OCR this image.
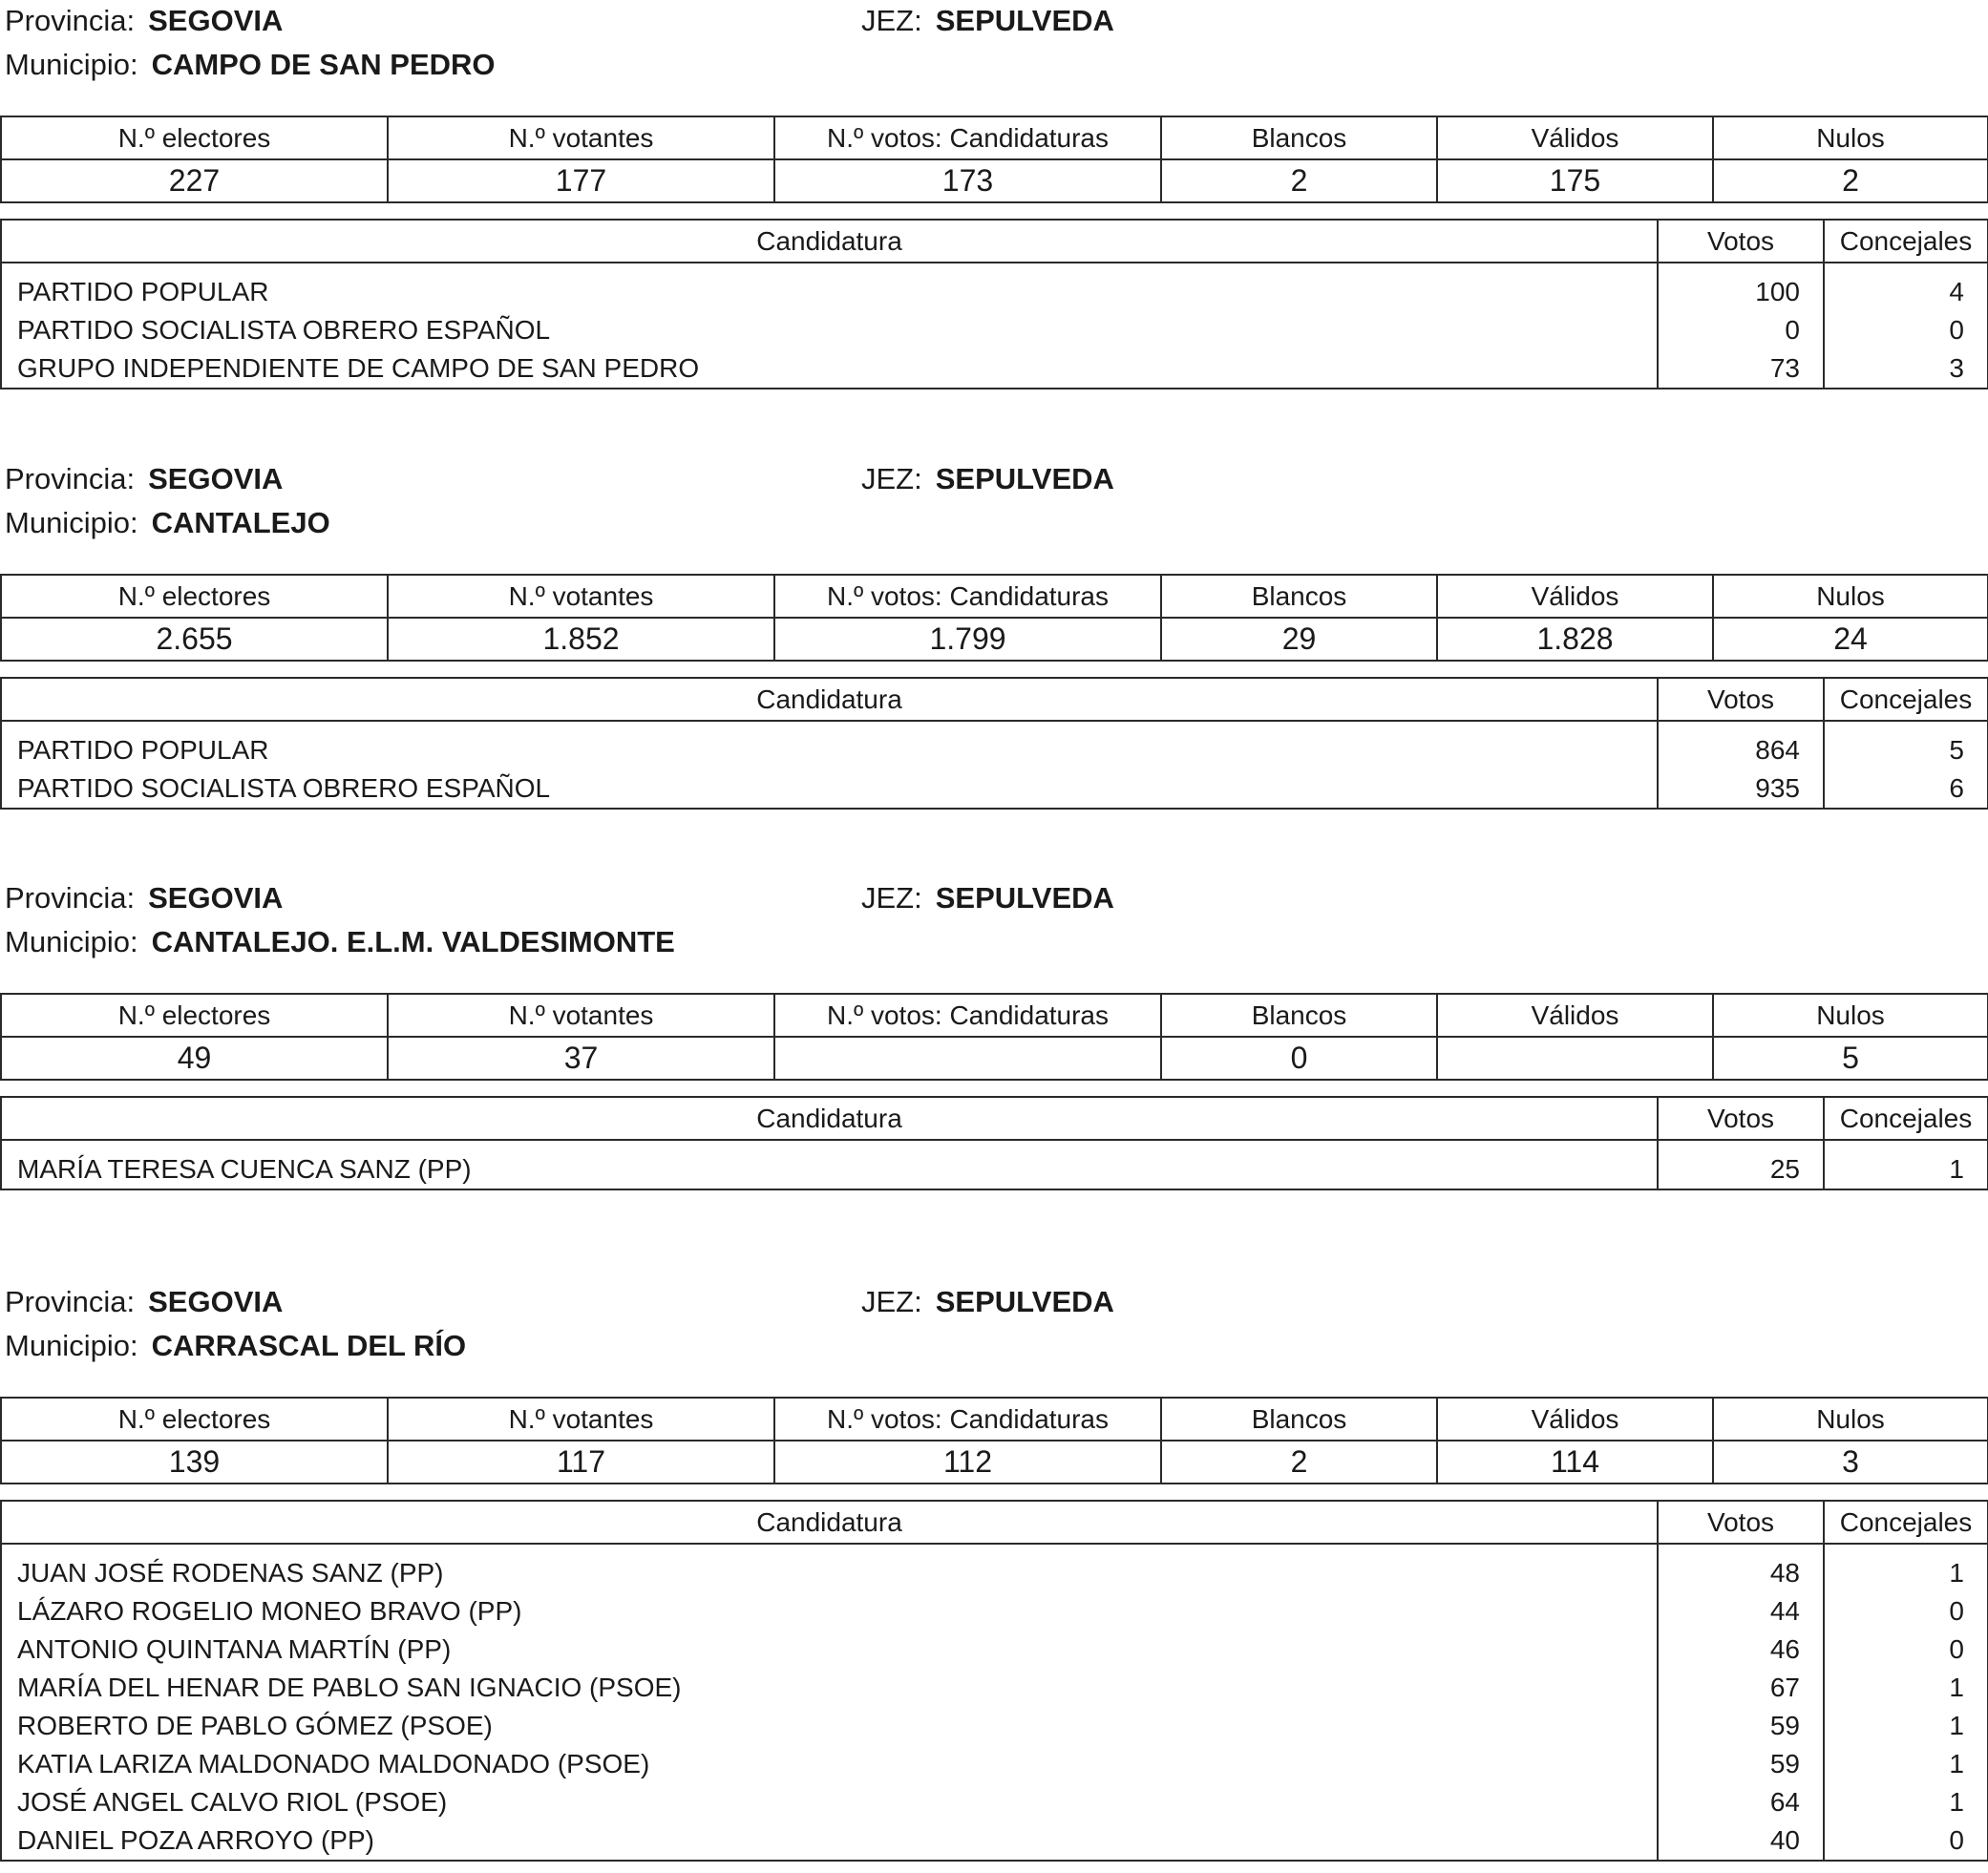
Provincia: SEGOVIA	JEZ: SEPULVEDA
Municipio: CAMPO DE SAN PEDRO
N.º electores	N.º votantes	N.º votos: Candidaturas	Blancos	Válidos	Nulos
227	177	173	2	175	2
Candidatura	Votos	Concejales
PARTIDO POPULAR	100	4
PARTIDO SOCIALISTA OBRERO ESPAÑOL	0	0
GRUPO INDEPENDIENTE DE CAMPO DE SAN PEDRO	73	3
Provincia: SEGOVIA	JEZ: SEPULVEDA
Municipio: CANTALEJO
N.º electores	N.º votantes	N.º votos: Candidaturas	Blancos	Válidos	Nulos
2.655	1.852	1.799	29	1.828	24
Candidatura	Votos	Concejales
PARTIDO POPULAR	864	5
PARTIDO SOCIALISTA OBRERO ESPAÑOL	935	6
Provincia: SEGOVIA	JEZ: SEPULVEDA
Municipio: CANTALEJO. E.L.M. VALDESIMONTE
N.º electores	N.º votantes	N.º votos: Candidaturas	Blancos	Válidos	Nulos
49	37		0		5
Candidatura	Votos	Concejales
MARÍA TERESA CUENCA SANZ (PP)	25	1
Provincia: SEGOVIA	JEZ: SEPULVEDA
Municipio: CARRASCAL DEL RÍO
N.º electores	N.º votantes	N.º votos: Candidaturas	Blancos	Válidos	Nulos
139	117	112	2	114	3
Candidatura	Votos	Concejales
JUAN JOSÉ RODENAS SANZ (PP)	48	1
LÁZARO ROGELIO MONEO BRAVO (PP)	44	0
ANTONIO QUINTANA MARTÍN (PP)	46	0
MARÍA DEL HENAR DE PABLO SAN IGNACIO (PSOE)	67	1
ROBERTO DE PABLO GÓMEZ (PSOE)	59	1
KATIA LARIZA MALDONADO MALDONADO (PSOE)	59	1
JOSÉ ANGEL CALVO RIOL (PSOE)	64	1
DANIEL POZA ARROYO (PP)	40	0
